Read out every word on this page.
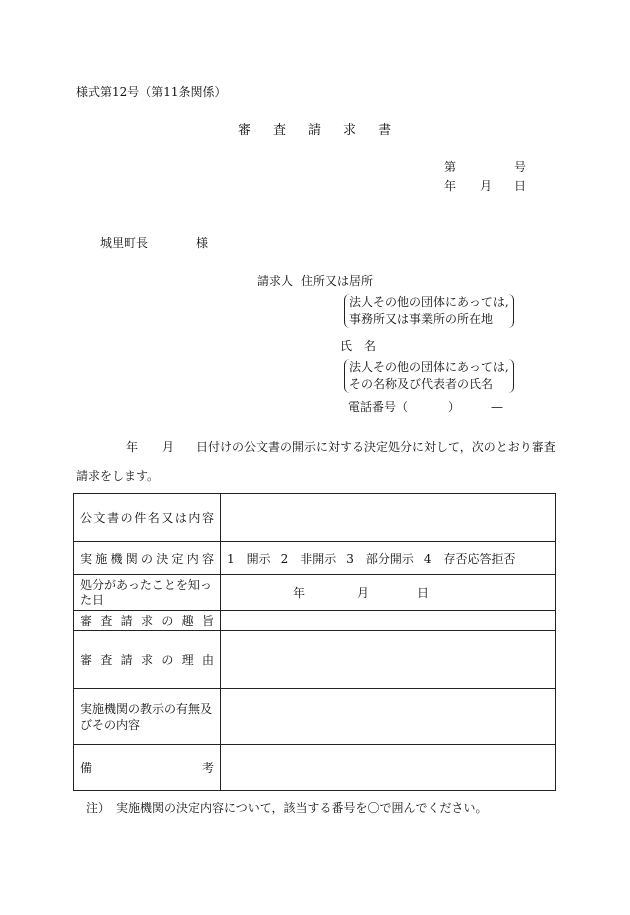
様式第12号（第11条関係）
審 査 請 求 書
第	号
年 月 日
城里町長	様
請求人 住所又は居所
法人その他の団体にあっては,
事務所又は事業所の所在地
氏　名
法人その他の団体にあっては,
その名称及び代表者の氏名
電話番号（	）	—
年 月 日付けの公文書の開示に対する決定処分に対して，次のとおり審査
請求をします。
公文書の件名又は内容	
実施機関の決定内容	1　開示 2　非開示 3　部分開示 4　存否応答拒否
処分があったことを知った日	年 月 日
審査請求の趣旨	
審査請求の理由	
実施機関の教示の有無及びその内容	

備 考	

注）　実施機関の決定内容について，該当する番号を〇で囲んでください。
